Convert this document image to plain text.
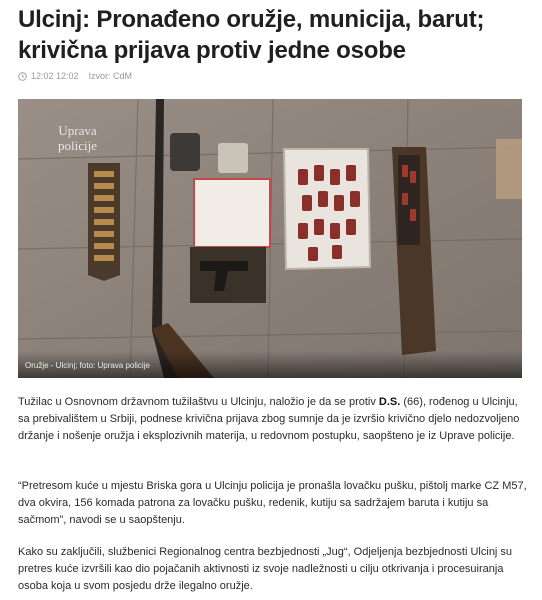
Ulcinj: Pronađeno oružje, municija, barut; krivična prijava protiv jedne osobe
12:02 12:02 Izvor: CdM
Uprava
policije
Oružje - Ulcinj; foto: Uprava policije

Tužilac u Osnovnom državnom tužilaštvu u Ulcinju, naložio je da se protiv D.S. (66), rođenog u Ulcinju, sa prebivalištem u Srbiji, podnese krivična prijava zbog sumnje da je izvršio krivično djelo nedozvoljeno držanje i nošenje oružja i eksplozivnih materija, u redovnom postupku, saopšteno je iz Uprave policije.

“Pretresom kuće u mjestu Briska gora u Ulcinju policija je pronašla lovačku pušku, pištolj marke CZ M57, dva okvira, 156 komada patrona za lovačku pušku, redenik, kutiju sa sadržajem baruta i kutiju sa sačmom”, navodi se u saopštenju.

Kako su zaključili, službenici Regionalnog centra bezbjednosti „Jug“, Odjeljenja bezbjednosti Ulcinj su pretres kuće izvršili kao dio pojačanih aktivnosti iz svoje nadležnosti u cilju otkrivanja i procesuiranja osoba koja u svom posjedu drže ilegalno oružje.
